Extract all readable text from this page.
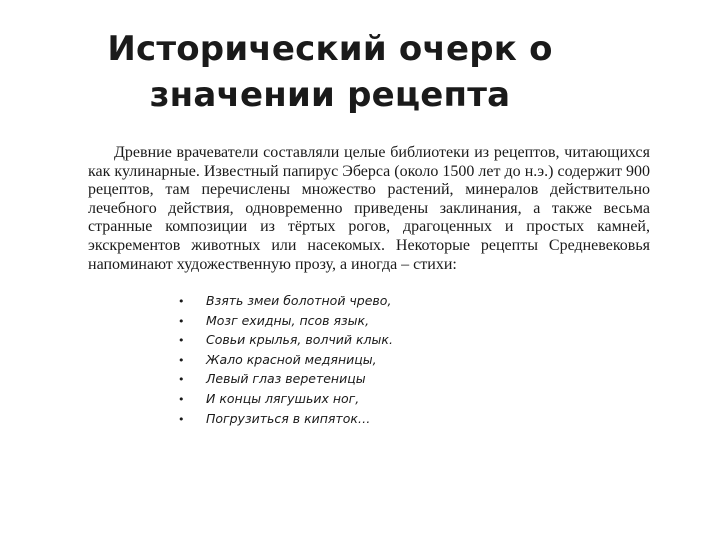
Исторический очерк о
значении рецепта

Древние врачеватели составляли целые библиотеки из рецептов, читающихся как кулинарные. Известный папирус Эберса (около 1500 лет до н.э.) содержит 900 рецептов, там перечислены множество растений, минералов действительно лечебного действия, одновременно приведены заклинания, а также весьма странные композиции из тёртых рогов, драгоценных и простых камней, экскрементов животных или насекомых. Некоторые рецепты Средневековья напоминают художественную прозу, а иногда – стихи:

•	Взять змеи болотной чрево,
•	Мозг ехидны, псов язык,
•	Совьи крылья, волчий клык.
•	Жало красной медяницы,
•	Левый глаз веретеницы
•	И концы лягушьих ног,
•	Погрузиться в кипяток…
